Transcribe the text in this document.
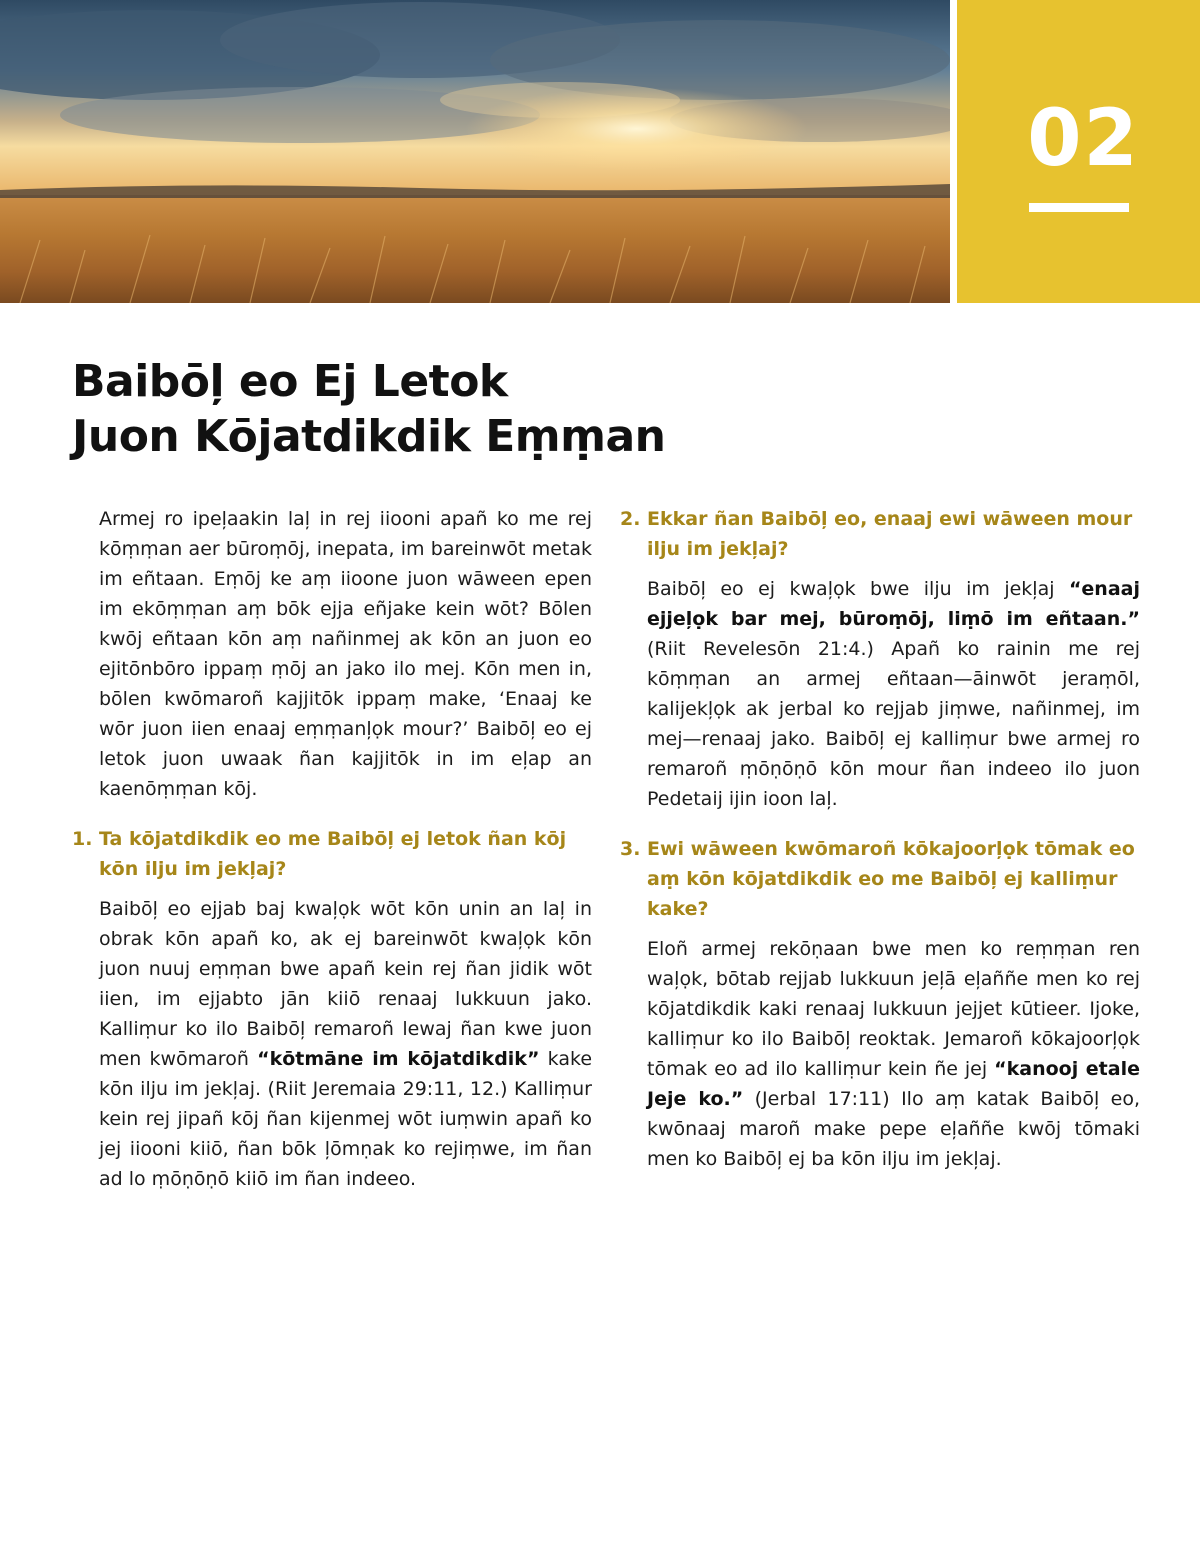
02
Baibōļ eo Ej Letok
Juon Kōjatdikdik Eṃṃan

Armej ro ipeļaakin laļ in rej iiooni apañ ko me rej kōṃṃan aer būroṃōj, inepata, im bareinwōt metak im eñtaan. Eṃōj ke aṃ iioone juon wāween epen im ekōṃṃan aṃ bōk ejja eñjake kein wōt? Bōlen kwōj eñtaan kōn aṃ nañinmej ak kōn an juon eo ejitōnbōro ippaṃ ṃōj an jako ilo mej. Kōn men in, bōlen kwōmaroñ kajjitōk ippaṃ make, ‘Enaaj ke wōr juon iien enaaj eṃṃanļọk mour?’ Baibōļ eo ej letok juon uwaak ñan kajjitōk in im eļap an kaenōṃṃan kōj.

1. Ta kōjatdikdik eo me Baibōļ ej letok ñan kōj kōn ilju im jekļaj?

Baibōļ eo ejjab baj kwaļọk wōt kōn unin an laļ in obrak kōn apañ ko, ak ej bareinwōt kwaļọk kōn juon nuuj eṃṃan bwe apañ kein rej ñan jidik wōt iien, im ejjabto jān kiiō renaaj lukkuun jako. Kalliṃur ko ilo Baibōļ remaroñ lewaj ñan kwe juon men kwōmaroñ “kōtmāne im kōjatdikdik” kake kōn ilju im jekļaj. (Riit Jeremaia 29:11, 12.) Kalliṃur kein rej jipañ kōj ñan kijenmej wōt iuṃwin apañ ko jej iiooni kiiō, ñan bōk ļōmṇak ko rejiṃwe, im ñan ad lo ṃōṇōṇō kiiō im ñan indeeo.

2. Ekkar ñan Baibōļ eo, enaaj ewi wāween mour ilju im jekļaj?

Baibōļ eo ej kwaļọk bwe ilju im jekļaj “enaaj ejjeļọk bar mej, būroṃōj, liṃō im eñtaan.” (Riit Revelesōn 21:4.) Apañ ko rainin me rej kōṃṃan an armej eñtaan—āinwōt jeraṃōl, kalijekļọk ak jerbal ko rejjab jiṃwe, nañinmej, im mej—renaaj jako. Baibōļ ej kalliṃur bwe armej ro remaroñ ṃōṇōṇō kōn mour ñan indeeo ilo juon Pedetaij ijin ioon laļ.

3. Ewi wāween kwōmaroñ kōkajoorļọk tōmak eo aṃ kōn kōjatdikdik eo me Baibōļ ej kalliṃur kake?

Eloñ armej rekōṇaan bwe men ko reṃṃan ren waļọk, bōtab rejjab lukkuun jeļā eļaññe men ko rej kōjatdikdik kaki renaaj lukkuun jejjet kūtieer. Ijoke, kalliṃur ko ilo Baibōļ reoktak. Jemaroñ kōkajoorļọk tōmak eo ad ilo kalliṃur kein ñe jej “kanooj etale Jeje ko.” (Jerbal 17:11) Ilo aṃ katak Baibōļ eo, kwōnaaj maroñ make pepe eļaññe kwōj tōmaki men ko Baibōļ ej ba kōn ilju im jekļaj.
